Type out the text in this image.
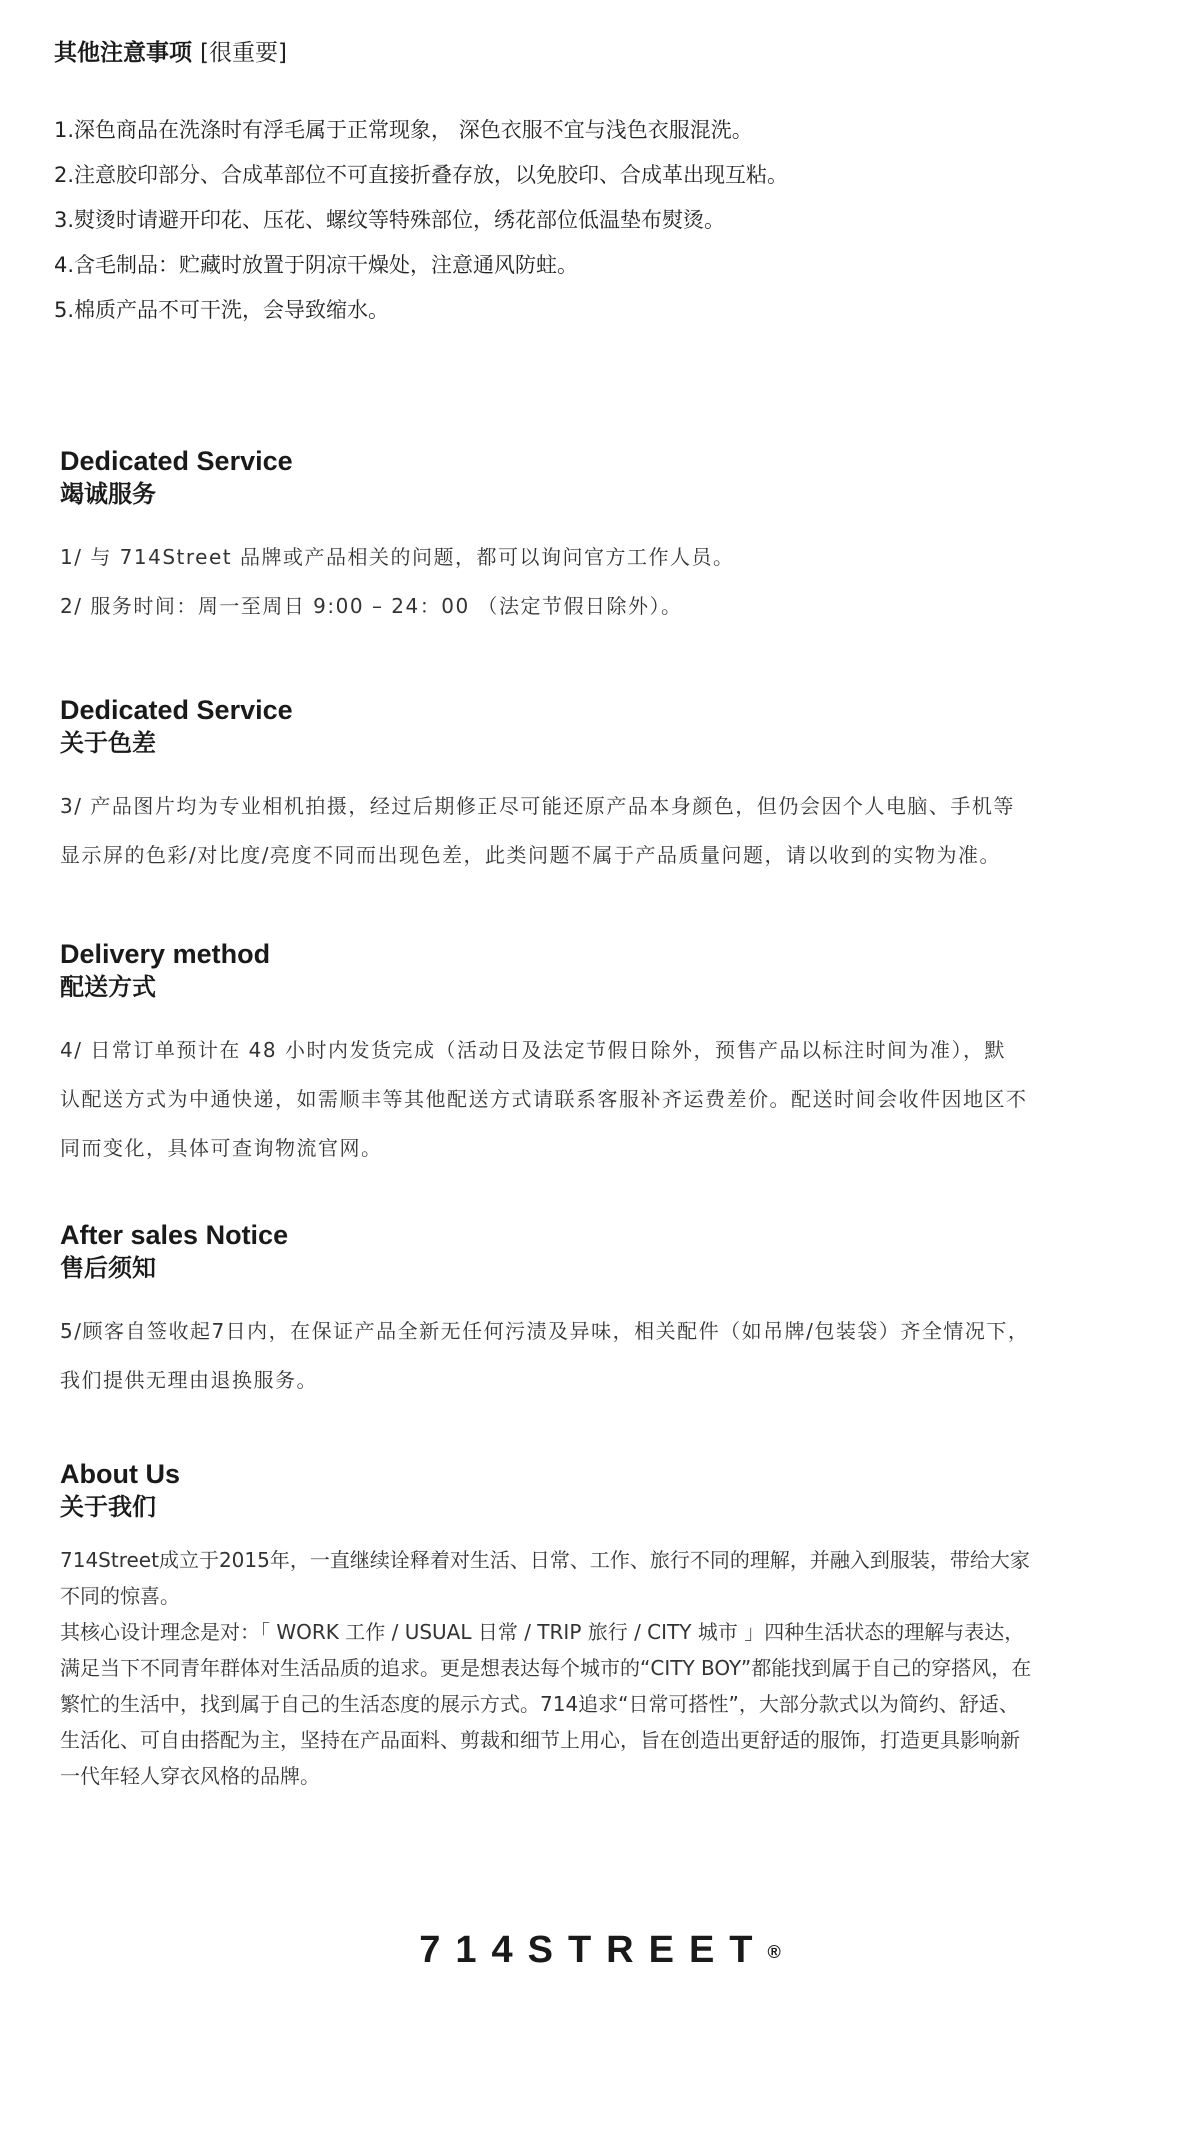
其他注意事项 [很重要]
1.深色商品在洗涤时有浮毛属于正常现象， 深色衣服不宜与浅色衣服混洗。
2.注意胶印部分、合成革部位不可直接折叠存放，以免胶印、合成革出现互粘。
3.熨烫时请避开印花、压花、螺纹等特殊部位，绣花部位低温垫布熨烫。
4.含毛制品：贮藏时放置于阴凉干燥处，注意通风防蛀。
5.棉质产品不可干洗，会导致缩水。
Dedicated Service
竭诚服务

1/ 与 714Street 品牌或产品相关的问题，都可以询问官方工作人员。

2/ 服务时间：周一至周日 9:00 – 24：00 （法定节假日除外）。

Dedicated Service
关于色差

3/ 产品图片均为专业相机拍摄，经过后期修正尽可能还原产品本身颜色，但仍会因个人电脑、手机等

显示屏的色彩/对比度/亮度不同而出现色差，此类问题不属于产品质量问题，请以收到的实物为准。

Delivery method
配送方式

4/ 日常订单预计在 48 小时内发货完成（活动日及法定节假日除外，预售产品以标注时间为准），默

认配送方式为中通快递，如需顺丰等其他配送方式请联系客服补齐运费差价。配送时间会收件因地区不

同而变化，具体可查询物流官网。

After sales Notice
售后须知

5/顾客自签收起7日内，在保证产品全新无任何污渍及异味，相关配件（如吊牌/包装袋）齐全情况下，

我们提供无理由退换服务。

About Us
关于我们

714Street成立于2015年，一直继续诠释着对生活、日常、工作、旅行不同的理解，并融入到服装，带给大家

不同的惊喜。

其核心设计理念是对：「 WORK 工作 / USUAL 日常 / TRIP 旅行 / CITY 城市 」四种生活状态的理解与表达，

满足当下不同青年群体对生活品质的追求。更是想表达每个城市的“CITY BOY”都能找到属于自己的穿搭风，在

繁忙的生活中，找到属于自己的生活态度的展示方式。714追求“日常可搭性”，大部分款式以为简约、舒适、

生活化、可自由搭配为主，坚持在产品面料、剪裁和细节上用心，旨在创造出更舒适的服饰，打造更具影响新

一代年轻人穿衣风格的品牌。

714STREET®
